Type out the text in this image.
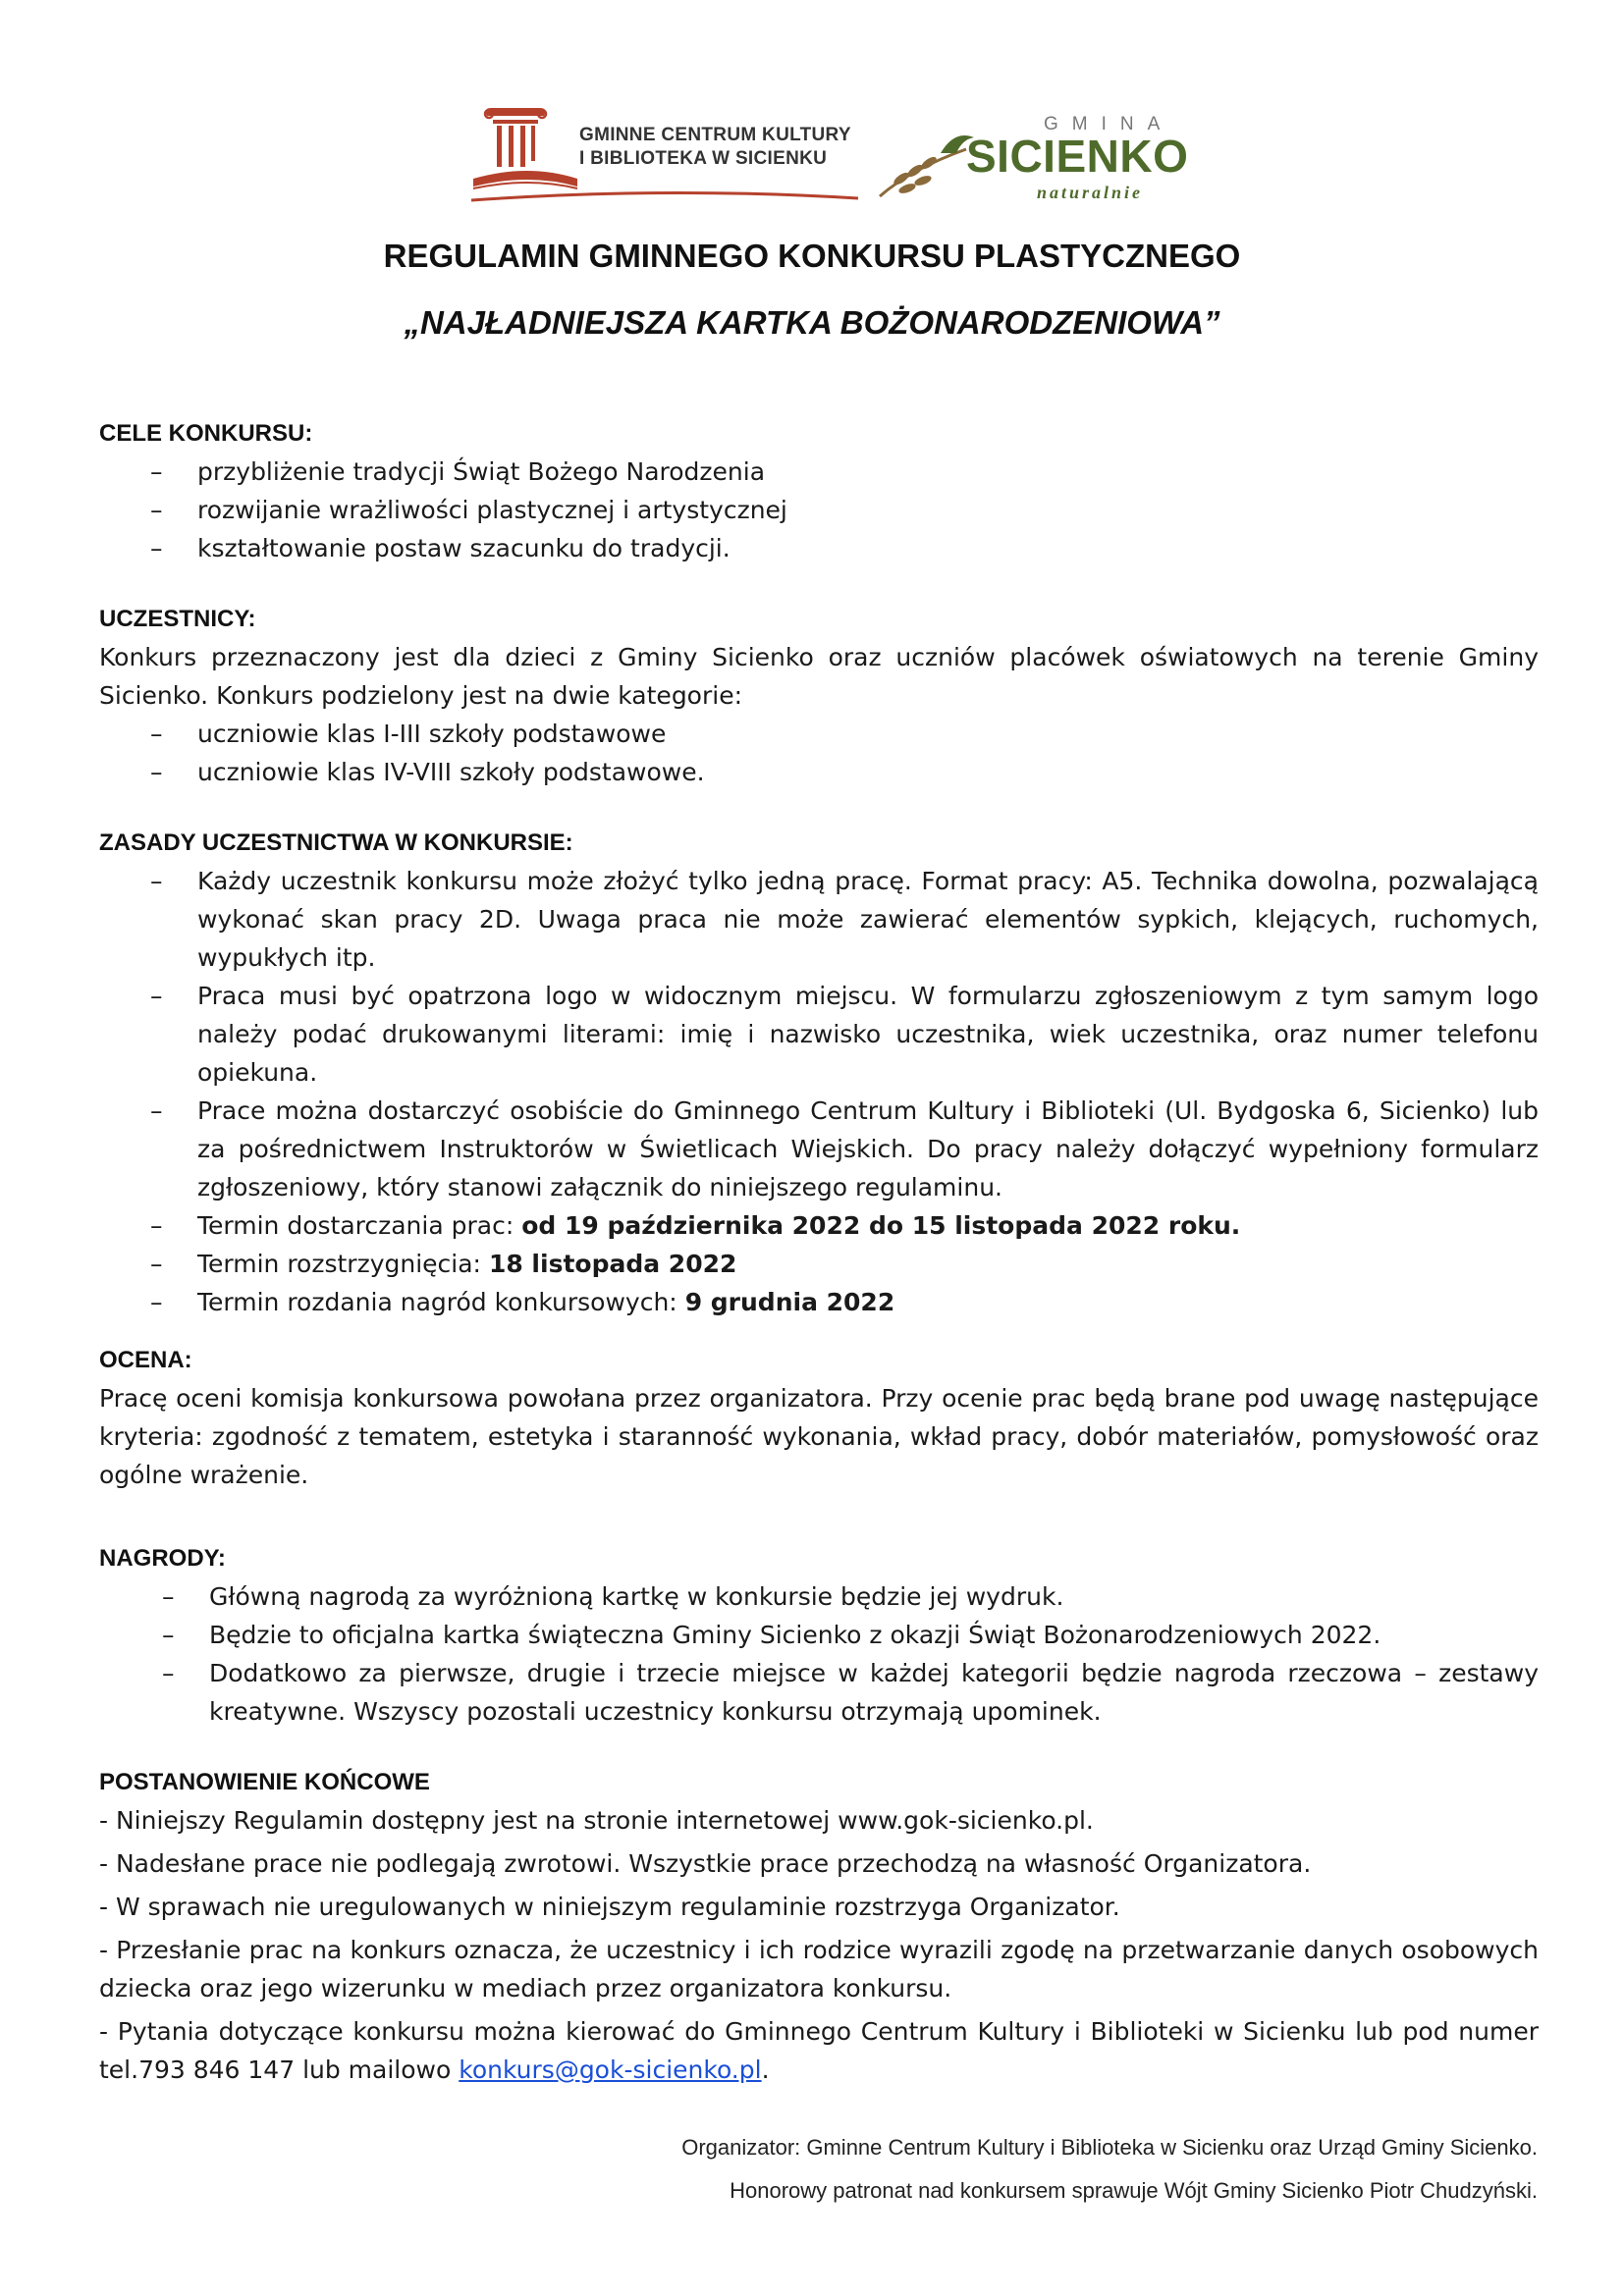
GMINNE CENTRUM KULTURY
I BIBLIOTEKA W SICIENKU
GMINA
SICIENKO
naturalnie
REGULAMIN GMINNEGO KONKURSU PLASTYCZNEGO
„NAJŁADNIEJSZA KARTKA BOŻONARODZENIOWA”

CELE KONKURSU:

– przybliżenie tradycji Świąt Bożego Narodzenia
– rozwijanie wrażliwości plastycznej i artystycznej
– kształtowanie postaw szacunku do tradycji.

UCZESTNICY:

Konkurs przeznaczony jest dla dzieci z Gminy Sicienko oraz uczniów placówek oświatowych na terenie Gminy Sicienko. Konkurs podzielony jest na dwie kategorie:

– uczniowie klas I-III szkoły podstawowe
– uczniowie klas IV-VIII szkoły podstawowe.

ZASADY UCZESTNICTWA W KONKURSIE:

– Każdy uczestnik konkursu może złożyć tylko jedną pracę. Format pracy: A5. Technika dowolna, pozwalającą wykonać skan pracy 2D. Uwaga praca nie może zawierać elementów sypkich, klejących, ruchomych, wypukłych itp.
– Praca musi być opatrzona logo w widocznym miejscu. W formularzu zgłoszeniowym z tym samym logo należy podać drukowanymi literami: imię i nazwisko uczestnika, wiek uczestnika, oraz numer telefonu opiekuna.
– Prace można dostarczyć osobiście do Gminnego Centrum Kultury i Biblioteki (Ul. Bydgoska 6, Sicienko) lub za pośrednictwem Instruktorów w Świetlicach Wiejskich. Do pracy należy dołączyć wypełniony formularz zgłoszeniowy, który stanowi załącznik do niniejszego regulaminu.
– Termin dostarczania prac: od 19 października 2022 do 15 listopada 2022 roku.
– Termin rozstrzygnięcia: 18 listopada 2022
– Termin rozdania nagród konkursowych: 9 grudnia 2022

OCENA:

Pracę oceni komisja konkursowa powołana przez organizatora. Przy ocenie prac będą brane pod uwagę następujące kryteria: zgodność z tematem, estetyka i staranność wykonania, wkład pracy, dobór materiałów, pomysłowość oraz ogólne wrażenie.

NAGRODY:

– Główną nagrodą za wyróżnioną kartkę w konkursie będzie jej wydruk.
– Będzie to oficjalna kartka świąteczna Gminy Sicienko z okazji Świąt Bożonarodzeniowych 2022.
– Dodatkowo za pierwsze, drugie i trzecie miejsce w każdej kategorii będzie nagroda rzeczowa – zestawy kreatywne. Wszyscy pozostali uczestnicy konkursu otrzymają upominek.

POSTANOWIENIE KOŃCOWE

- Niniejszy Regulamin dostępny jest na stronie internetowej www.gok-sicienko.pl.

- Nadesłane prace nie podlegają zwrotowi. Wszystkie prace przechodzą na własność Organizatora.

- W sprawach nie uregulowanych w niniejszym regulaminie rozstrzyga Organizator.

- Przesłanie prac na konkurs oznacza, że uczestnicy i ich rodzice wyrazili zgodę na przetwarzanie danych osobowych dziecka oraz jego wizerunku w mediach przez organizatora konkursu.

- Pytania dotyczące konkursu można kierować do Gminnego Centrum Kultury i Biblioteki w Sicienku lub pod numer tel.793 846 147 lub mailowo konkurs@gok-sicienko.pl.

Organizator: Gminne Centrum Kultury i Biblioteka w Sicienku oraz Urząd Gminy Sicienko.
Honorowy patronat nad konkursem sprawuje Wójt Gminy Sicienko Piotr Chudzyński.
